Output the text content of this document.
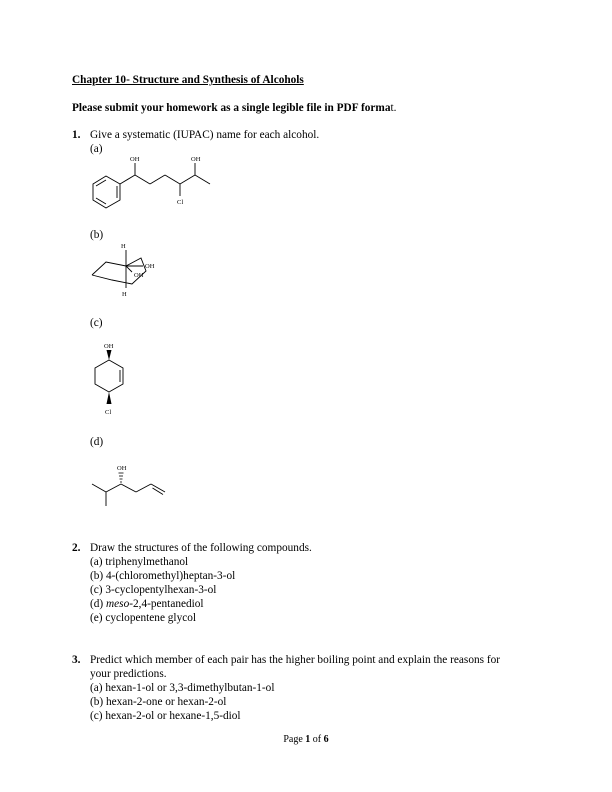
Chapter 10- Structure and Synthesis of Alcohols

Please submit your homework as a single legible file in PDF format.

1. Give a systematic (IUPAC) name for each alcohol.
(a)
OH	OH
Cl
(b)
H
OH
OH
H
(c)
OH
Cl
(d)
OH
2. Draw the structures of the following compounds.
(a) triphenylmethanol
(b) 4-(chloromethyl)heptan-3-ol
(c) 3-cyclopentylhexan-3-ol
(d) meso-2,4-pentanediol
(e) cyclopentene glycol
3. Predict which member of each pair has the higher boiling point and explain the reasons for
your predictions.
(a) hexan-1-ol or 3,3-dimethylbutan-1-ol
(b) hexan-2-one or hexan-2-ol
(c) hexan-2-ol or hexane-1,5-diol
Page 1 of 6
